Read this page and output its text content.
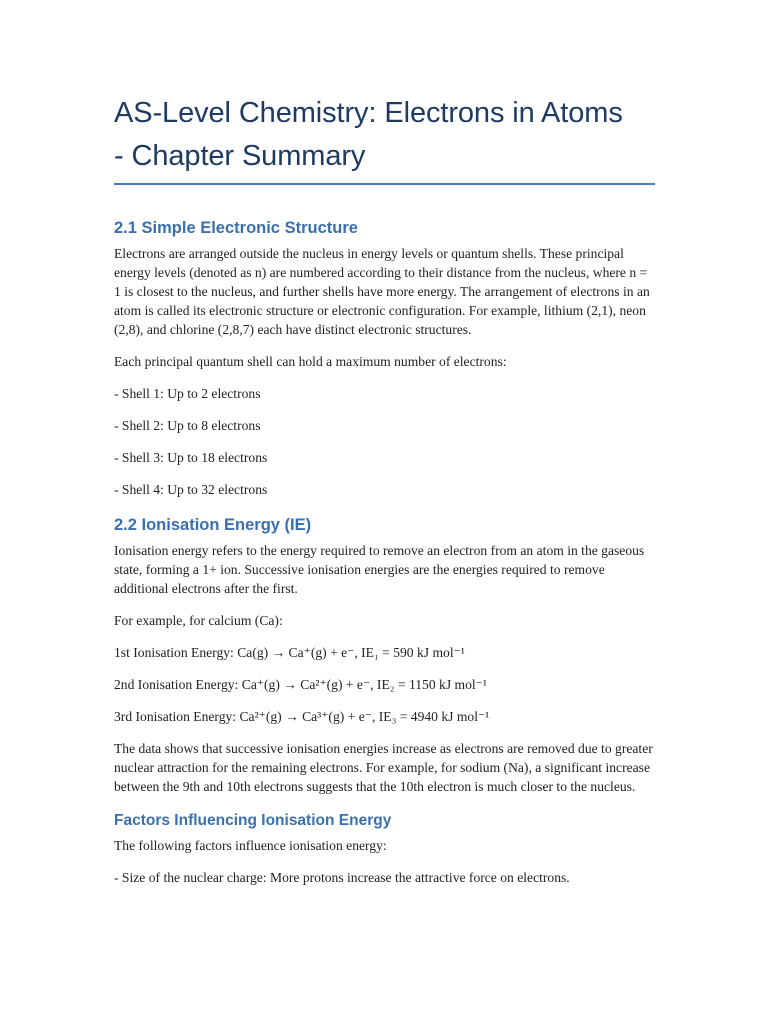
AS-Level Chemistry: Electrons in Atoms
- Chapter Summary
2.1 Simple Electronic Structure

Electrons are arranged outside the nucleus in energy levels or quantum shells. These principal energy levels (denoted as n) are numbered according to their distance from the nucleus, where n = 1 is closest to the nucleus, and further shells have more energy. The arrangement of electrons in an atom is called its electronic structure or electronic configuration. For example, lithium (2,1), neon (2,8), and chlorine (2,8,7) each have distinct electronic structures.

Each principal quantum shell can hold a maximum number of electrons:

- Shell 1: Up to 2 electrons

- Shell 2: Up to 8 electrons

- Shell 3: Up to 18 electrons

- Shell 4: Up to 32 electrons

2.2 Ionisation Energy (IE)

Ionisation energy refers to the energy required to remove an electron from an atom in the gaseous state, forming a 1+ ion. Successive ionisation energies are the energies required to remove additional electrons after the first.

For example, for calcium (Ca):

1st Ionisation Energy: Ca(g) → Ca⁺(g) + e⁻, IE₁ = 590 kJ mol⁻¹

2nd Ionisation Energy: Ca⁺(g) → Ca²⁺(g) + e⁻, IE₂ = 1150 kJ mol⁻¹

3rd Ionisation Energy: Ca²⁺(g) → Ca³⁺(g) + e⁻, IE₃ = 4940 kJ mol⁻¹

The data shows that successive ionisation energies increase as electrons are removed due to greater nuclear attraction for the remaining electrons. For example, for sodium (Na), a significant increase between the 9th and 10th electrons suggests that the 10th electron is much closer to the nucleus.

Factors Influencing Ionisation Energy

The following factors influence ionisation energy:

- Size of the nuclear charge: More protons increase the attractive force on electrons.
